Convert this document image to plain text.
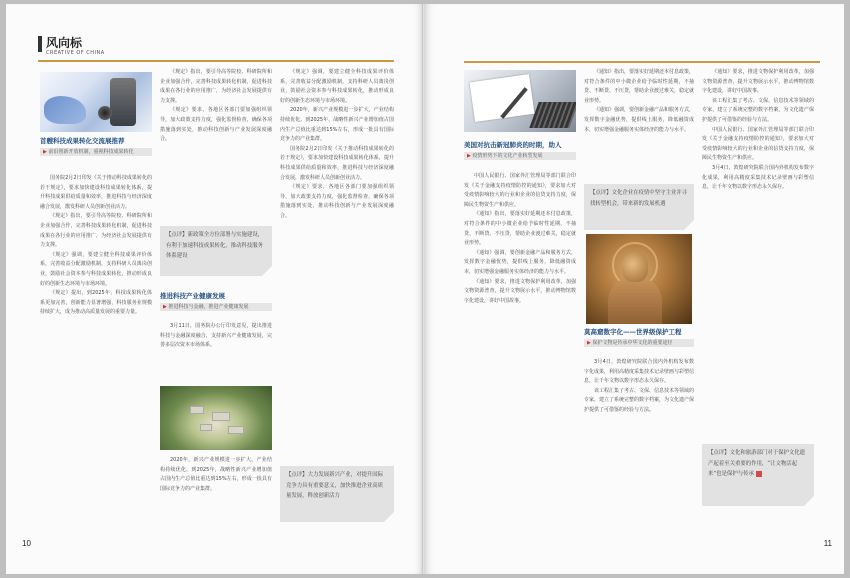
风向标
CREATIVE OF CHINA
首艘科技成果转化交流展推荐
▶ 前沿创新开放机制，重视科技成果转化

国务院2月2日印发《关于推动科技成果转化的若干规定》，要求加快建设科技成果转化体系，提升科技成果供给质量和效率，推进科技与经济深度融合发展，激发科研人员创新创业活力。

《规定》指出，要引导高等院校、科研院所和企业加强合作，完善科技成果转化机制，促进科技成果在各行业的应用推广，为经济社会发展提供有力支撑。

《规定》强调，要建立健全科技成果评价体系，完善收益分配激励机制，支持科研人员离岗创业，鼓励社会资本参与科技成果转化，推动形成良好的创新生态环境与市场环境。

《规定》提出，到2025年，科技成果转化体系更加完善，创新能力显著增强，科技服务业规模持续扩大，成为推动高质量发展的重要力量。

《规定》指出，要引导高等院校、科研院所和企业加强合作，完善科技成果转化机制，促进科技成果在各行业的应用推广，为经济社会发展提供有力支撑。

《规定》要求，各地区各部门要加强组织领导，加大政策支持力度，强化监督检查，确保各项措施落到实处，推动科技创新与产业发展深度融合。

【点评】新政策全方位部署与实施建设，有利于加速科技成果转化，推动科技服务体系建设
推进科技产业健康发展
▶ 推进科技与金融，推进产业健康发展

3月11日，国务院办公厅印发意见，提出推进科技与金融深度融合，支持新兴产业健康发展，完善多层次资本市场体系。

2020年，新兴产业规模进一步扩大，产业结构持续优化。到2025年，战略性新兴产业增加值占国内生产总值比重达到15%左右，形成一批具有国际竞争力的产业集群。

《规定》强调，要建立健全科技成果评价体系，完善收益分配激励机制，支持科研人员离岗创业，鼓励社会资本参与科技成果转化，推动形成良好的创新生态环境与市场环境。

2020年，新兴产业规模进一步扩大，产业结构持续优化。到2025年，战略性新兴产业增加值占国内生产总值比重达到15%左右，形成一批具有国际竞争力的产业集群。

国务院2月2日印发《关于推动科技成果转化的若干规定》，要求加快建设科技成果转化体系，提升科技成果供给质量和效率，推进科技与经济深度融合发展，激发科研人员创新创业活力。

《规定》要求，各地区各部门要加强组织领导，加大政策支持力度，强化监督检查，确保各项措施落到实处，推动科技创新与产业发展深度融合。

【点评】大力发展新兴产业，对提升国际竞争力具有重要意义，加快推进企业高质量发展，释放创新活力
10
美国对抗击新冠肺炎的时期，助人
▶ 疫情形势下的文化产业转型发展

中国人民银行、国家外汇管理局等部门联合印发《关于金融支持疫情防控的通知》，要求加大对受疫情影响较大的行业和企业的信贷支持力度，保障民生物资生产和供应。

《通知》指出，要落实好延期还本付息政策，对符合条件的中小微企业给予临时性延期，不抽贷、不断贷、不压贷，帮助企业渡过难关，稳定就业形势。

《通知》强调，要创新金融产品和服务方式，发挥数字金融优势，提供线上服务，降低融资成本，切实增强金融服务实体经济的能力与水平。

《通知》要求，推进文物保护利用改革，加强文物资源普查，提升文物展示水平，推动博物馆数字化建设，讲好中国故事。

《通知》指出，要落实好延期还本付息政策，对符合条件的中小微企业给予临时性延期，不抽贷、不断贷、不压贷，帮助企业渡过难关，稳定就业形势。

《通知》强调，要创新金融产品和服务方式，发挥数字金融优势，提供线上服务，降低融资成本，切实增强金融服务实体经济的能力与水平。

【点评】文化企业在疫情中坚守主业并寻找转型机会，带来新的发展机遇
莫高窟数字化——世界级保护工程
▶ 保护文物是传承中华文化的重要途径

3月4日，敦煌研究院联合国内外机构发布数字化成果，利用高精度采集技术记录壁画与彩塑信息，让千年文物以数字形态永久保存。

该工程汇集了考古、文保、信息技术等领域的专家，建立了系统完整的数字档案，为文化遗产保护提供了可借鉴的经验与方法。

《通知》要求，推进文物保护利用改革，加强文物资源普查，提升文物展示水平，推动博物馆数字化建设，讲好中国故事。

该工程汇集了考古、文保、信息技术等领域的专家，建立了系统完整的数字档案，为文化遗产保护提供了可借鉴的经验与方法。

中国人民银行、国家外汇管理局等部门联合印发《关于金融支持疫情防控的通知》，要求加大对受疫情影响较大的行业和企业的信贷支持力度，保障民生物资生产和供应。

3月4日，敦煌研究院联合国内外机构发布数字化成果，利用高精度采集技术记录壁画与彩塑信息，让千年文物以数字形态永久保存。

【点评】文化和旅游部门对于保护文化遗产起着至关重要的作用，“让文物活起来”也是保护与传承
11
